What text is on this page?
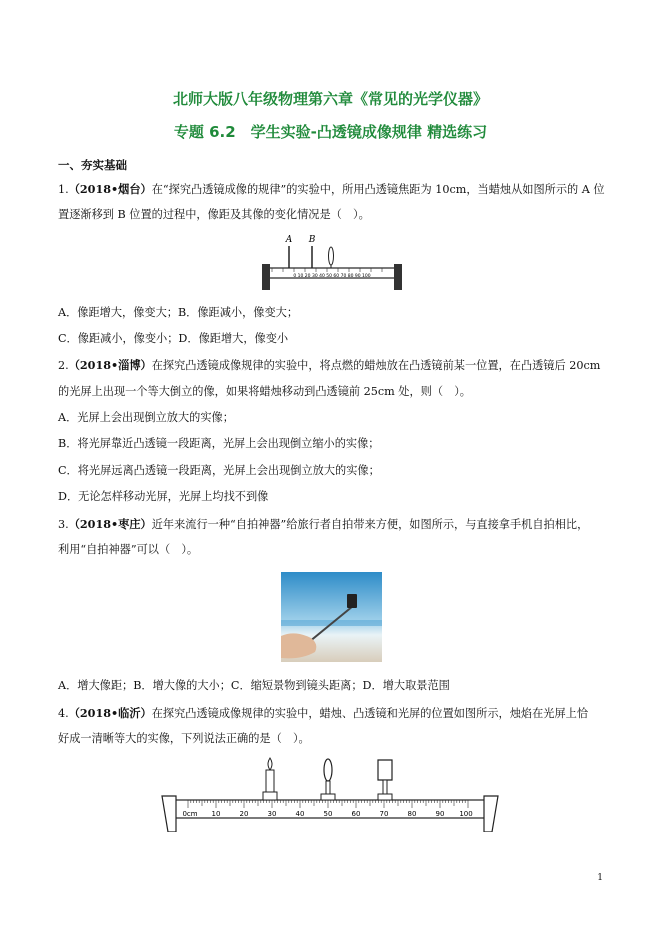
北师大版八年级物理第六章《常见的光学仪器》
专题 6.2　学生实验-凸透镜成像规律 精选练习
一、夯实基础
1.（2018•烟台）在“探究凸透镜成像的规律”的实验中，所用凸透镜焦距为 10cm，当蜡烛从如图所示的 A 位
置逐渐移到 B 位置的过程中，像距及其像的变化情况是（　）。
0 10 20 30 40 50 60 70 80 90 100
A B
A．像距增大，像变大；B．像距减小，像变大；
C．像距减小，像变小；D．像距增大，像变小
2.（2018•淄博）在探究凸透镜成像规律的实验中，将点燃的蜡烛放在凸透镜前某一位置，在凸透镜后 20cm
的光屏上出现一个等大倒立的像，如果将蜡烛移动到凸透镜前 25cm 处，则（　）。
A．光屏上会出现倒立放大的实像；
B．将光屏靠近凸透镜一段距离，光屏上会出现倒立缩小的实像；
C．将光屏远离凸透镜一段距离，光屏上会出现倒立放大的实像；
D．无论怎样移动光屏，光屏上均找不到像
3.（2018•枣庄）近年来流行一种“自拍神器”给旅行者自拍带来方便，如图所示，与直接拿手机自拍相比，
利用“自拍神器”可以（　）。
A．增大像距；B．增大像的大小；C．缩短景物到镜头距离；D．增大取景范围
4.（2018•临沂）在探究凸透镜成像规律的实验中，蜡烛、凸透镜和光屏的位置如图所示，烛焰在光屏上恰
好成一清晰等大的实像，下列说法正确的是（　）。
0cm 10	20	30	40	50	60	70	80	90 100
1
